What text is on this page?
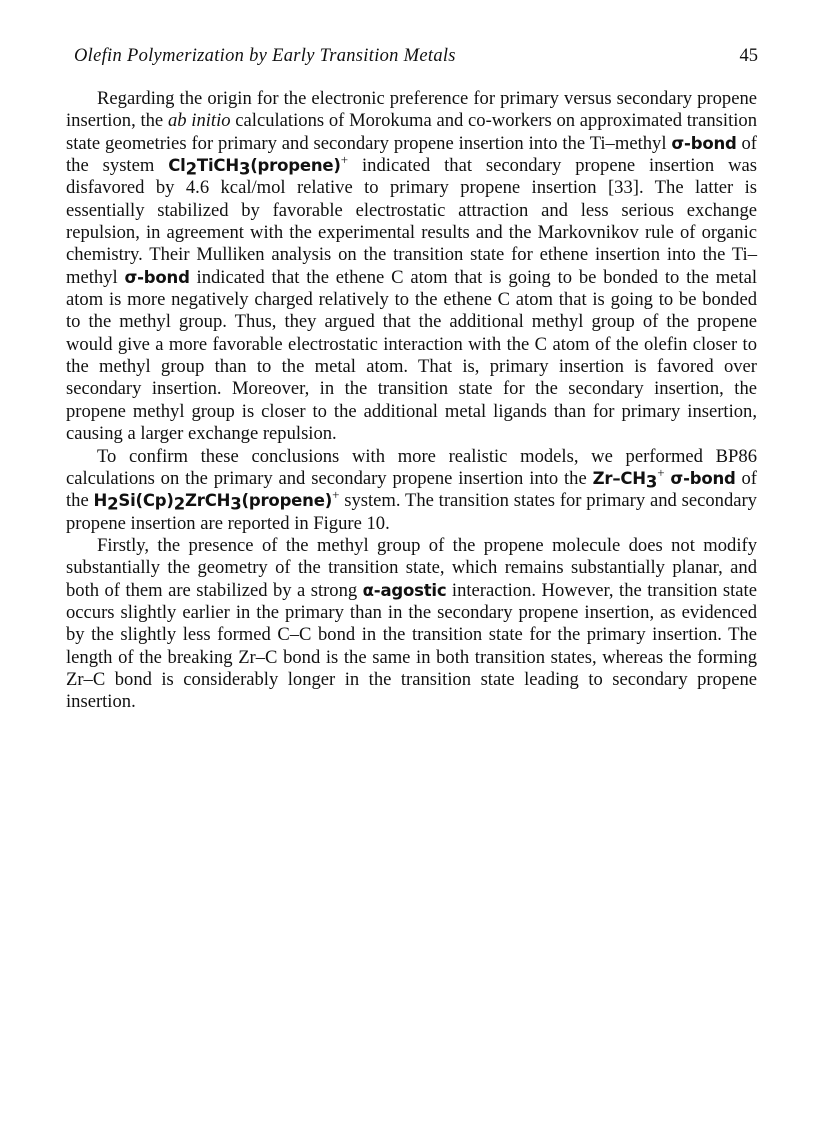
Olefin Polymerization by Early Transition Metals	45

Regarding the origin for the electronic preference for primary versus secondary propene insertion, the ab initio calculations of Morokuma and co-workers on approximated transition state geometries for primary and secondary propene insertion into the Ti–methyl σ-bond of the system $Cl_2TiCH_3(propene)^+$ indicated that secondary propene insertion was disfavored by 4.6 kcal/mol relative to primary propene insertion [33]. The latter is essentially stabilized by favorable electrostatic attraction and less serious exchange repulsion, in agreement with the experimental results and the Markovnikov rule of organic chemistry. Their Mulliken analysis on the transition state for ethene insertion into the Ti–methyl σ-bond indicated that the ethene C atom that is going to be bonded to the metal atom is more negatively charged relatively to the ethene C atom that is going to be bonded to the methyl group. Thus, they argued that the additional methyl group of the propene would give a more favorable electrostatic interaction with the C atom of the olefin closer to the methyl group than to the metal atom. That is, primary insertion is favored over secondary insertion. Moreover, in the transition state for the secondary insertion, the propene methyl group is closer to the additional metal ligands than for primary insertion, causing a larger exchange repulsion.

To confirm these conclusions with more realistic models, we performed BP86 calculations on the primary and secondary propene insertion into the $Zr-CH_3^+$ σ-bond of the $H_2Si(Cp)_2ZrCH_3(propene)^+$ system. The transition states for primary and secondary propene insertion are reported in Figure 10.

Firstly, the presence of the methyl group of the propene molecule does not modify substantially the geometry of the transition state, which remains substantially planar, and both of them are stabilized by a strong α-agostic interaction. However, the transition state occurs slightly earlier in the primary than in the secondary propene insertion, as evidenced by the slightly less formed C–C bond in the transition state for the primary insertion. The length of the breaking Zr–C bond is the same in both transition states, whereas the forming Zr–C bond is considerably longer in the transition state leading to secondary propene insertion.
